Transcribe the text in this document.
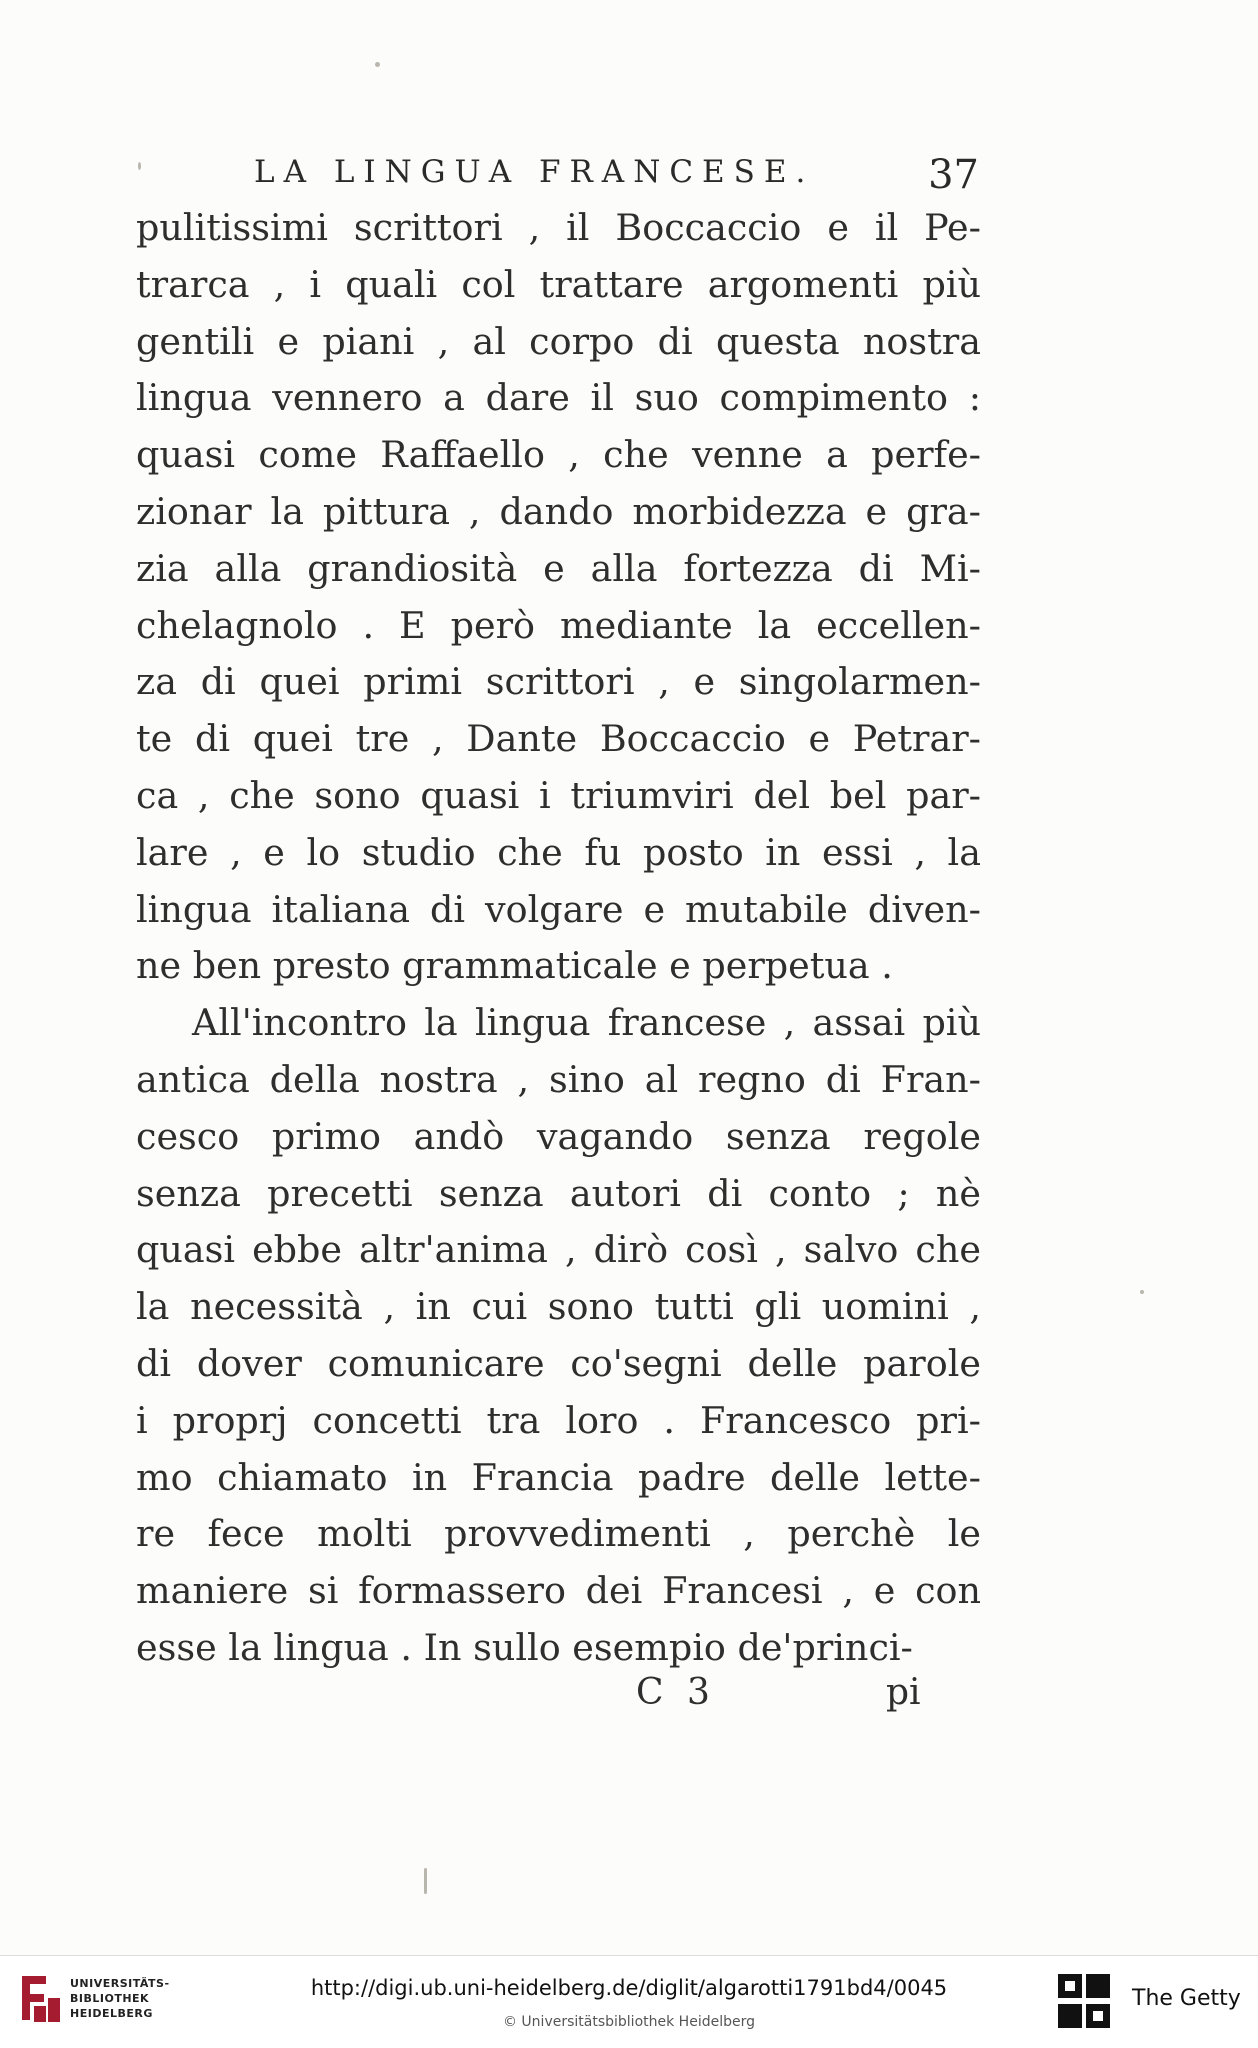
LA LINGUA FRANCESE.	37
pulitissimi scrittori , il Boccaccio e il Pe-
trarca , i quali col trattare argomenti più
gentili e piani , al corpo di questa nostra
lingua vennero a dare il suo compimento :
quasi come Raffaello , che venne a perfe-
zionar la pittura , dando morbidezza e gra-
zia alla grandiosità e alla fortezza di Mi-
chelagnolo . E però mediante la eccellen-
za di quei primi scrittori , e singolarmen-
te di quei tre , Dante Boccaccio e Petrar-
ca , che sono quasi i triumviri del bel par-
lare , e lo studio che fu posto in essi , la
lingua italiana di volgare e mutabile diven-
ne ben presto grammaticale e perpetua .
All'incontro la lingua francese , assai più
antica della nostra , sino al regno di Fran-
cesco primo andò vagando senza regole
senza precetti senza autori di conto ; nè
quasi ebbe altr'anima , dirò così , salvo che
la necessità , in cui sono tutti gli uomini ,
di dover comunicare co'segni delle parole
i proprj concetti tra loro . Francesco pri-
mo chiamato in Francia padre delle lette-
re fece molti provvedimenti , perchè le
maniere si formassero dei Francesi , e con
esse la lingua . In sullo esempio de'princi-
C 3	pi
UNIVERSITÄTS-
BIBLIOTHEK
HEIDELBERG
http://digi.ub.uni-heidelberg.de/diglit/algarotti1791bd4/0045
© Universitätsbibliothek Heidelberg
The Getty
